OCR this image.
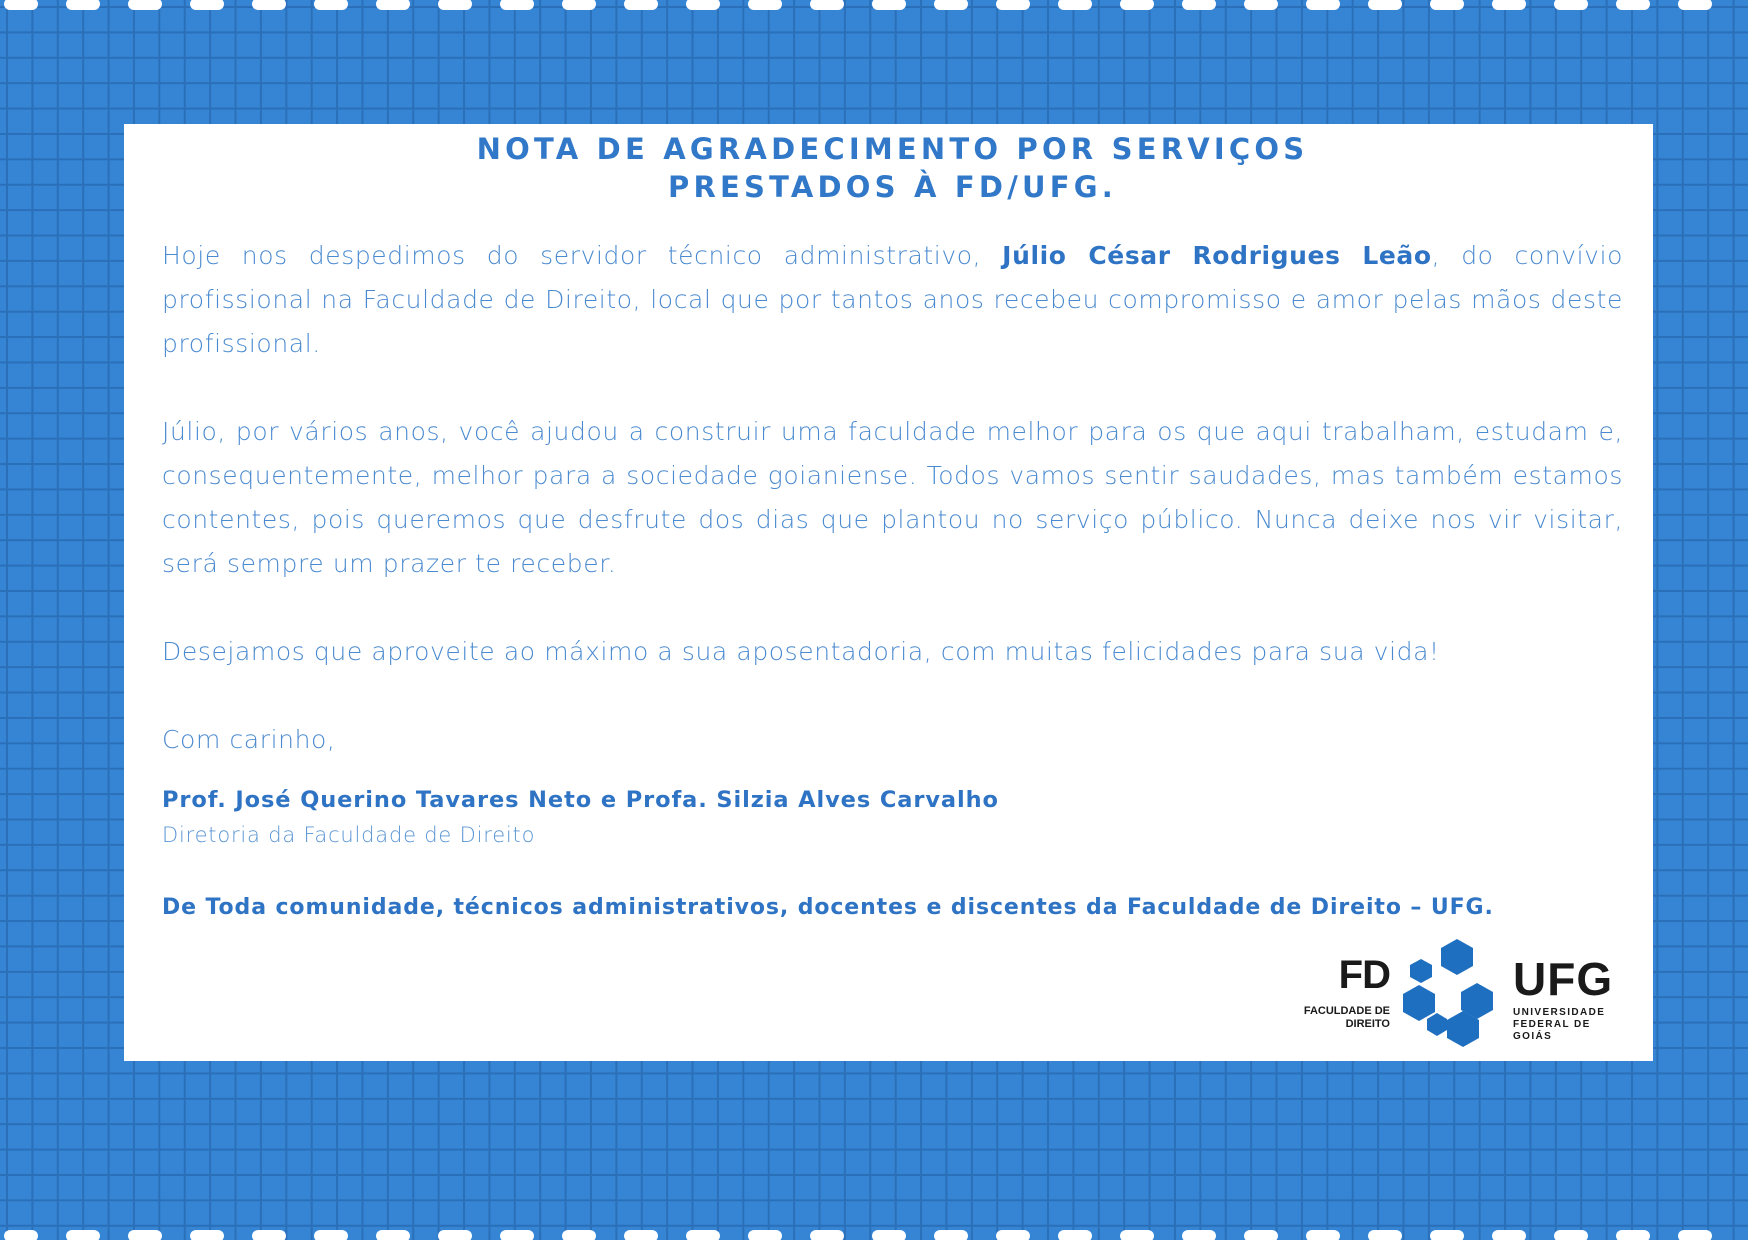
NOTA DE AGRADECIMENTO POR SERVIÇOS
PRESTADOS À FD/UFG.

Hoje nos despedimos do servidor técnico administrativo, Júlio César Rodrigues Leão, do convívio profissional na Faculdade de Direito, local que por tantos anos recebeu compromisso e amor pelas mãos deste profissional.

Júlio, por vários anos, você ajudou a construir uma faculdade melhor para os que aqui trabalham, estudam e, consequentemente, melhor para a sociedade goianiense. Todos vamos sentir saudades, mas também estamos contentes, pois queremos que desfrute dos dias que plantou no serviço público. Nunca deixe nos vir visitar, será sempre um prazer te receber.

Desejamos que aproveite ao máximo a sua aposentadoria, com muitas felicidades para sua vida!

Com carinho,

Prof. José Querino Tavares Neto e Profa. Silzia Alves Carvalho
Diretoria da Faculdade de Direito
De Toda comunidade, técnicos administrativos, docentes e discentes da Faculdade de Direito – UFG.
FD
FACULDADE DE
DIREITO
UFG
UNIVERSIDADE
FEDERAL DE GOIÁS
